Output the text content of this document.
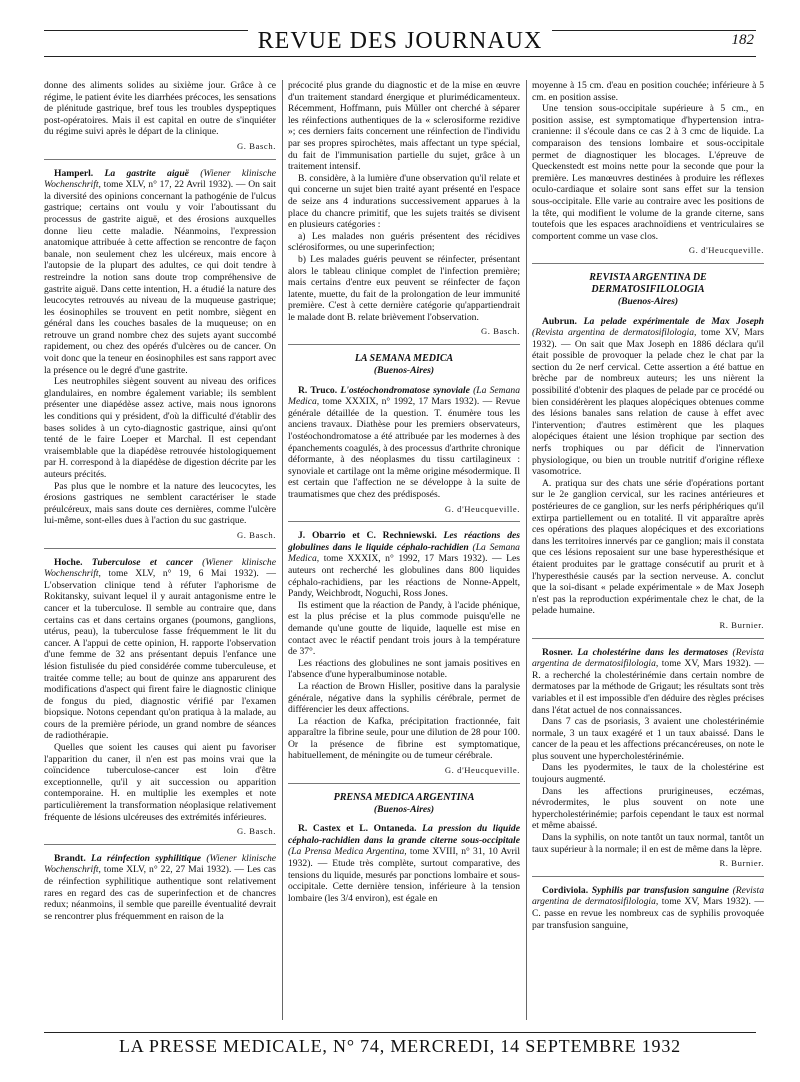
REVUE DES JOURNAUX	182

donne des aliments solides au sixième jour. Grâce à ce régime, le patient évite les diarrhées précoces, les sensations de plénitude gastrique, bref tous les troubles dyspeptiques post-opératoires. Mais il est capital en outre de s'inquiéter du régime suivi après le départ de la clinique.

G. Basch.

Hamperl. La gastrite aiguë (Wiener klinische Wochenschrift, tome XLV, n° 17, 22 Avril 1932). — On sait la diversité des opinions concernant la pathogénie de l'ulcus gastrique; certains ont voulu y voir l'aboutissant du processus de gastrite aiguë, et des érosions auxquelles donne lieu cette maladie. Néanmoins, l'expression anatomique attribuée à cette affection se rencontre de façon banale, non seulement chez les ulcéreux, mais encore à l'autopsie de la plupart des adultes, ce qui doit tendre à restreindre la notion sans doute trop compréhensive de gastrite aiguë. Dans cette intention, H. a étudié la nature des leucocytes retrouvés au niveau de la muqueuse gastrique; les éosinophiles se trouvent en petit nombre, siègent en général dans les couches basales de la muqueuse; on en retrouve un grand nombre chez des sujets ayant succombé rapidement, ou chez des opérés d'ulcères ou de cancer. On voit donc que la teneur en éosinophiles est sans rapport avec la présence ou le degré d'une gastrite.

Les neutrophiles siègent souvent au niveau des orifices glandulaires, en nombre également variable; ils semblent présenter une diapédèse assez active, mais nous ignorons les conditions qui y président, d'où la difficulté d'établir des bases solides à un cyto-diagnostic gastrique, ainsi qu'ont tenté de le faire Loeper et Marchal. Il est cependant vraisemblable que la diapédèse retrouvée histologiquement par H. correspond à la diapédèse de digestion décrite par les auteurs précités.

Pas plus que le nombre et la nature des leucocytes, les érosions gastriques ne semblent caractériser le stade préulcéreux, mais sans doute ces dernières, comme l'ulcère lui-même, sont-elles dues à l'action du suc gastrique.

G. Basch.

Hoche. Tuberculose et cancer (Wiener klinische Wochenschrift, tome XLV, n° 19, 6 Mai 1932). — L'observation clinique tend à réfuter l'aphorisme de Rokitansky, suivant lequel il y aurait antagonisme entre le cancer et la tuberculose. Il semble au contraire que, dans certains cas et dans certains organes (poumons, ganglions, utérus, peau), la tuberculose fasse fréquemment le lit du cancer. A l'appui de cette opinion, H. rapporte l'observation d'une femme de 32 ans présentant depuis l'enfance une lésion fistulisée du pied considérée comme tuberculeuse, et traitée comme telle; au bout de quinze ans apparurent des modifications d'aspect qui firent faire le diagnostic clinique de fongus du pied, diagnostic vérifié par l'examen biopsique. Notons cependant qu'on pratiqua à la malade, au cours de la première période, un grand nombre de séances de radiothérapie.

Quelles que soient les causes qui aient pu favoriser l'apparition du caner, il n'en est pas moins vrai que la coïncidence tuberculose-cancer est loin d'être exceptionnelle, qu'il y ait succession ou apparition contemporaine. H. en multiplie les exemples et note particulièrement la transformation néoplasique relativement fréquente de lésions ulcéreuses des extrémités inférieures.

G. Basch.

Brandt. La réinfection syphilitique (Wiener klinische Wochenschrift, tome XLV, n° 22, 27 Mai 1932). — Les cas de réinfection syphilitique authentique sont relativement rares en regard des cas de superinfection et de chancres redux; néanmoins, il semble que pareille éventualité devrait se rencontrer plus fréquemment en raison de la

précocité plus grande du diagnostic et de la mise en œuvre d'un traitement standard énergique et plurimédicamenteux. Récemment, Hoffmann, puis Müller ont cherché à séparer les réinfections authentiques de la « sclerosiforme rezidive »; ces derniers faits concernent une réinfection de l'individu par ses propres spirochètes, mais affectant un type spécial, du fait de l'immunisation partielle du sujet, grâce à un traitement intensif.

B. considère, à la lumière d'une observation qu'il relate et qui concerne un sujet bien traité ayant présenté en l'espace de seize ans 4 indurations successivement apparues à la place du chancre primitif, que les sujets traités se divisent en plusieurs catégories :

a) Les malades non guéris présentent des récidives sclérosiformes, ou une superinfection;

b) Les malades guéris peuvent se réinfecter, présentant alors le tableau clinique complet de l'infection première; mais certains d'entre eux peuvent se réinfecter de façon latente, muette, du fait de la prolongation de leur immunité première. C'est à cette dernière catégorie qu'appartiendrait le malade dont B. relate brièvement l'observation.

G. Basch.
LA SEMANA MEDICA
(Buenos-Aires)

R. Truco. L'ostéochondromatose synoviale (La Semana Medica, tome XXXIX, n° 1992, 17 Mars 1932). — Revue générale détaillée de la question. T. énumère tous les anciens travaux. Diathèse pour les premiers observateurs, l'ostéochondromatose a été attribuée par les modernes à des épanchements coagulés, à des processus d'arthrite chronique déformante, à des néoplasmes du tissu cartilagineux : synoviale et cartilage ont la même origine mésodermique. Il est certain que l'affection ne se développe à la suite de traumatismes que chez des prédisposés.

G. d'Heucqueville.

J. Obarrio et C. Rechniewski. Les réactions des globulines dans le liquide céphalo-rachidien (La Semana Medica, tome XXXIX, n° 1992, 17 Mars 1932). — Les auteurs ont recherché les globulines dans 800 liquides céphalo-rachidiens, par les réactions de Nonne-Appelt, Pandy, Weichbrodt, Noguchi, Ross Jones.

Ils estiment que la réaction de Pandy, à l'acide phénique, est la plus précise et la plus commode puisqu'elle ne demande qu'une goutte de liquide, laquelle est mise en contact avec le réactif pendant trois jours à la température de 37°.

Les réactions des globulines ne sont jamais positives en l'absence d'une hyperalbuminose notable.

La réaction de Brown Hisller, positive dans la paralysie générale, négative dans la syphilis cérébrale, permet de différencier les deux affections.

La réaction de Kafka, précipitation fractionnée, fait apparaître la fibrine seule, pour une dilution de 28 pour 100. Or la présence de fibrine est symptomatique, habituellement, de méningite ou de tumeur cérébrale.

G. d'Heucqueville.
PRENSA MEDICA ARGENTINA
(Buenos-Aires)

R. Castex et L. Ontaneda. La pression du liquide céphalo-rachidien dans la grande citerne sous-occipitale (La Prensa Medica Argentina, tome XVIII, n° 31, 10 Avril 1932). — Etude très complète, surtout comparative, des tensions du liquide, mesurés par ponctions lombaire et sous-occipitale. Cette dernière tension, inférieure à la tension lombaire (les 3/4 environ), est égale en

moyenne à 15 cm. d'eau en position couchée; inférieure à 5 cm. en position assise.

Une tension sous-occipitale supérieure à 5 cm., en position assise, est symptomatique d'hypertension intra-cranienne: il s'écoule dans ce cas 2 à 3 cmc de liquide. La comparaison des tensions lombaire et sous-occipitale permet de diagnostiquer les blocages. L'épreuve de Queckenstedt est moins nette pour la seconde que pour la première. Les manœuvres destinées à produire les réflexes oculo-cardiaque et solaire sont sans effet sur la tension sous-occipitale. Elle varie au contraire avec les positions de la tête, qui modifient le volume de la grande citerne, sans toutefois que les espaces arachnoïdiens et ventriculaires se comportent comme un vase clos.

G. d'Heucqueville.
REVISTA ARGENTINA DE DERMATOSIFILOLOGIA
(Buenos-Aires)

Aubrun. La pelade expérimentale de Max Joseph (Revista argentina de dermatosifilologia, tome XV, Mars 1932). — On sait que Max Joseph en 1886 déclara qu'il était possible de provoquer la pelade chez le chat par la section du 2e nerf cervical. Cette assertion a été battue en brèche par de nombreux auteurs; les uns nièrent la possibilité d'obtenir des plaques de pelade par ce procédé ou bien considérèrent les plaques alopéciques obtenues comme des lésions banales sans relation de cause à effet avec l'intervention; d'autres estimèrent que les plaques alopéciques étaient une lésion trophique par section des nerfs trophiques ou par déficit de l'innervation physiologique, ou bien un trouble nutritif d'origine réflexe vasomotrice.

A. pratiqua sur des chats une série d'opérations portant sur le 2e ganglion cervical, sur les racines antérieures et postérieures de ce ganglion, sur les nerfs périphériques qu'il extirpa partiellement ou en totalité. Il vit apparaître après ces opérations des plaques alopéciques et des excoriations dans les territoires innervés par ce ganglion; mais il constata que ces lésions reposaient sur une base hyperesthésique et étaient produites par le grattage consécutif au prurit et à l'hyperesthésie causés par la section nerveuse. A. conclut que la soi-disant « pelade expérimentale » de Max Joseph n'est pas la reproduction expérimentale chez le chat, de la pelade humaine.

R. Burnier.

Rosner. La cholestérine dans les dermatoses (Revista argentina de dermatosifilologia, tome XV, Mars 1932). — R. a recherché la cholestérinémie dans certain nombre de dermatoses par la méthode de Grigaut; les résultats sont très variables et il est impossible d'en déduire des règles précises dans l'état actuel de nos connaissances.

Dans 7 cas de psoriasis, 3 avaient une cholestérinémie normale, 3 un taux exagéré et 1 un taux abaissé. Dans le cancer de la peau et les affections précancéreuses, on note le plus souvent une hypercholestérinémie.

Dans les pyodermites, le taux de la cholestérine est toujours augmenté.

Dans les affections prurigineuses, eczémas, névrodermites, le plus souvent on note une hypercholestérinémie; parfois cependant le taux est normal et même abaissé.

Dans la syphilis, on note tantôt un taux normal, tantôt un taux supérieur à la normale; il en est de même dans la lèpre.

R. Burnier.

Cordiviola. Syphilis par transfusion sanguine (Revista argentina de dermatosifilologia, tome XV, Mars 1932). — C. passe en revue les nombreux cas de syphilis provoquée par transfusion sanguine,

LA PRESSE MEDICALE, N° 74, MERCREDI, 14 SEPTEMBRE 1932
